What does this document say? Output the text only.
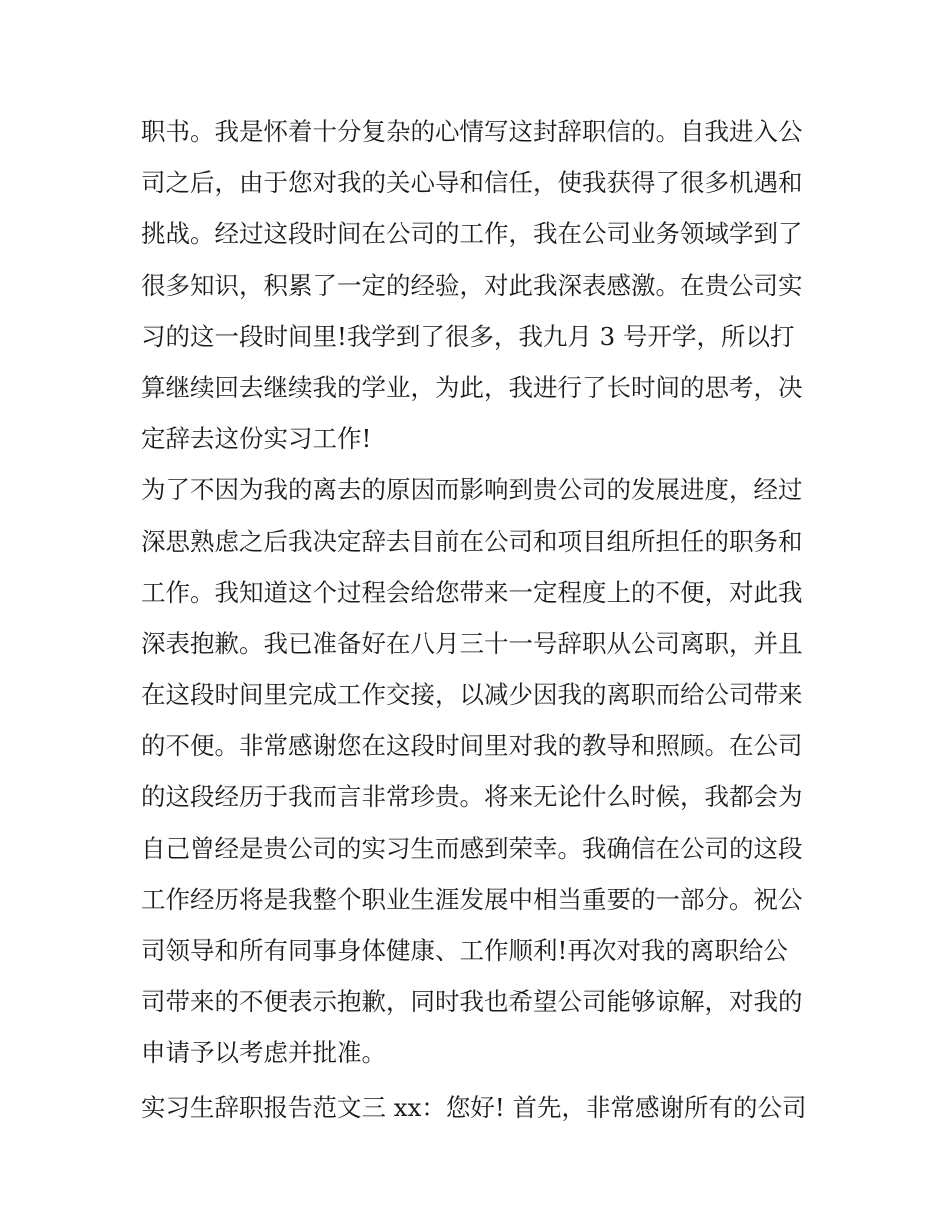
职书。我是怀着十分复杂的心情写这封辞职信的。自我进入公
司之后，由于您对我的关心导和信任，使我获得了很多机遇和
挑战。经过这段时间在公司的工作，我在公司业务领域学到了
很多知识，积累了一定的经验，对此我深表感激。在贵公司实
习的这一段时间里!我学到了很多，我九月 3 号开学，所以打
算继续回去继续我的学业，为此，我进行了长时间的思考，决
定辞去这份实习工作!
为了不因为我的离去的原因而影响到贵公司的发展进度，经过
深思熟虑之后我决定辞去目前在公司和项目组所担任的职务和
工作。我知道这个过程会给您带来一定程度上的不便，对此我
深表抱歉。我已准备好在八月三十一号辞职从公司离职，并且
在这段时间里完成工作交接，以减少因我的离职而给公司带来
的不便。非常感谢您在这段时间里对我的教导和照顾。在公司
的这段经历于我而言非常珍贵。将来无论什么时候，我都会为
自己曾经是贵公司的实习生而感到荣幸。我确信在公司的这段
工作经历将是我整个职业生涯发展中相当重要的一部分。祝公
司领导和所有同事身体健康、工作顺利!再次对我的离职给公
司带来的不便表示抱歉，同时我也希望公司能够谅解，对我的
申请予以考虑并批准。
实习生辞职报告范文三 xx：您好! 首先，非常感谢所有的公司
